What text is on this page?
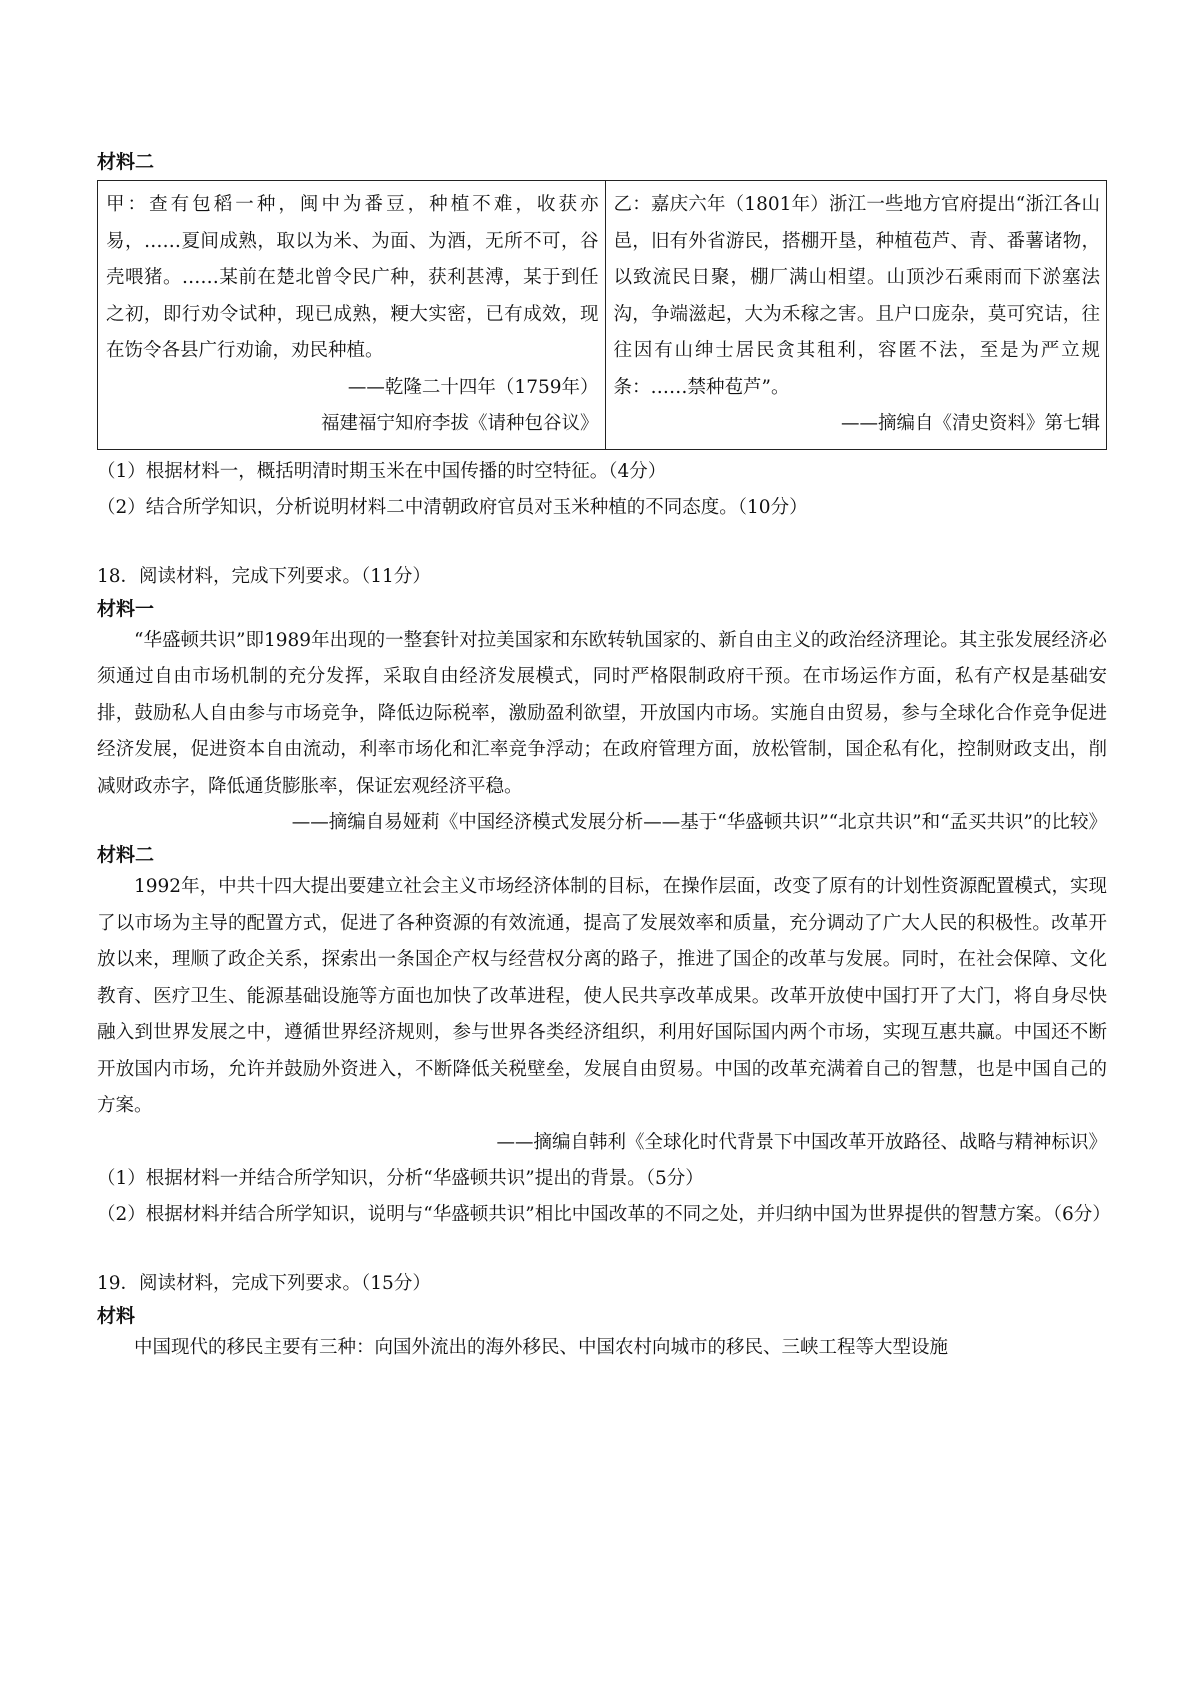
材料二

甲：查有包稻一种，闽中为番豆，种植不难，收获亦易，……夏间成熟，取以为米、为面、为酒，无所不可，谷壳喂猪。……某前在楚北曾令民广种，获利甚溥，某于到任之初，即行劝令试种，现已成熟，粳大实密，已有成效，现在饬令各县广行劝谕，劝民种植。
——乾隆二十四年（1759年）
福建福宁知府李拔《请种包谷议》
	乙：嘉庆六年（1801年）浙江一些地方官府提出“浙江各山邑，旧有外省游民，搭棚开垦，种植苞芦、青、番薯诸物，以致流民日聚，棚厂满山相望。山顶沙石乘雨而下淤塞法沟，争端滋起，大为禾稼之害。且户口庞杂，莫可究诘，往往因有山绅士居民贪其租利，容匿不法，至是为严立规条：……禁种苞芦”。
——摘编自《清史资料》第七辑

（1）根据材料一，概括明清时期玉米在中国传播的时空特征。（4分）

（2）结合所学知识，分析说明材料二中清朝政府官员对玉米种植的不同态度。（10分）

18．阅读材料，完成下列要求。（11分）

材料一

“华盛顿共识”即1989年出现的一整套针对拉美国家和东欧转轨国家的、新自由主义的政治经济理论。其主张发展经济必须通过自由市场机制的充分发挥，采取自由经济发展模式，同时严格限制政府干预。在市场运作方面，私有产权是基础安排，鼓励私人自由参与市场竞争，降低边际税率，激励盈利欲望，开放国内市场。实施自由贸易，参与全球化合作竞争促进经济发展，促进资本自由流动，利率市场化和汇率竞争浮动；在政府管理方面，放松管制，国企私有化，控制财政支出，削减财政赤字，降低通货膨胀率，保证宏观经济平稳。

——摘编自易娅莉《中国经济模式发展分析——基于“华盛顿共识”“北京共识”和“孟买共识”的比较》

材料二

1992年，中共十四大提出要建立社会主义市场经济体制的目标，在操作层面，改变了原有的计划性资源配置模式，实现了以市场为主导的配置方式，促进了各种资源的有效流通，提高了发展效率和质量，充分调动了广大人民的积极性。改革开放以来，理顺了政企关系，探索出一条国企产权与经营权分离的路子，推进了国企的改革与发展。同时，在社会保障、文化教育、医疗卫生、能源基础设施等方面也加快了改革进程，使人民共享改革成果。改革开放使中国打开了大门，将自身尽快融入到世界发展之中，遵循世界经济规则，参与世界各类经济组织，利用好国际国内两个市场，实现互惠共赢。中国还不断开放国内市场，允许并鼓励外资进入，不断降低关税壁垒，发展自由贸易。中国的改革充满着自己的智慧，也是中国自己的方案。

——摘编自韩利《全球化时代背景下中国改革开放路径、战略与精神标识》

（1）根据材料一并结合所学知识，分析“华盛顿共识”提出的背景。（5分）

（2）根据材料并结合所学知识，说明与“华盛顿共识”相比中国改革的不同之处，并归纳中国为世界提供的智慧方案。（6分）

19．阅读材料，完成下列要求。（15分）

材料

中国现代的移民主要有三种：向国外流出的海外移民、中国农村向城市的移民、三峡工程等大型设施
